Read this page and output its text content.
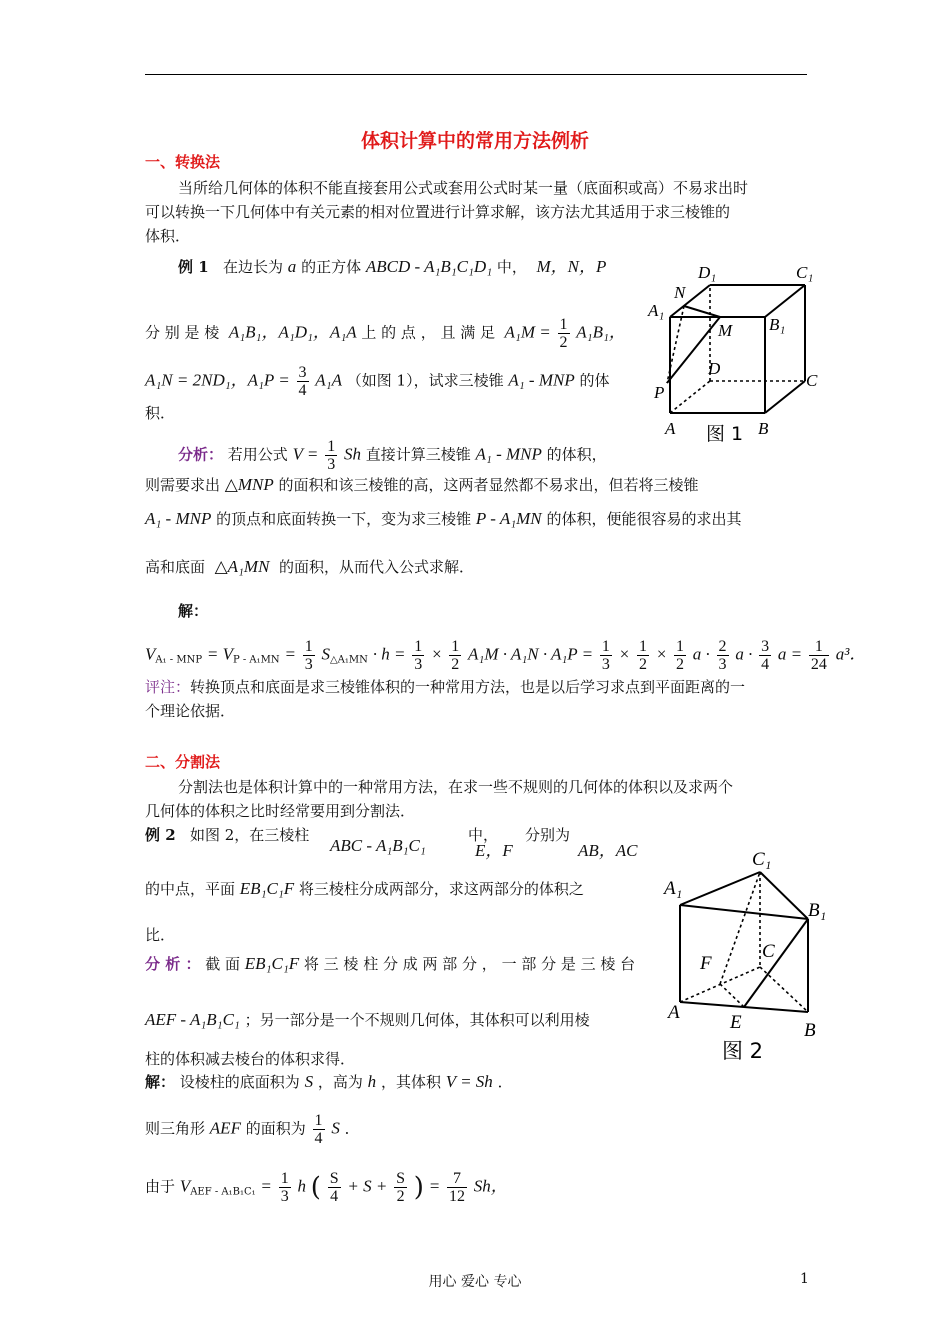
体积计算中的常用方法例析
一、转换法
当所给几何体的体积不能直接套用公式或套用公式时某一量（底面积或高）不易求出时
可以转换一下几何体中有关元素的相对位置进行计算求解，该方法尤其适用于求三棱锥的
体积．
例 1 在边长为 a 的正方体 ABCD - A₁B₁C₁D₁ 中， M，N，P
分 别 是 棱 A₁B₁，A₁D₁，A₁A 上 的 点 ， 且 满 足 $A_1M = \frac{1}{2} A_1B_1$，
A₁N = 2ND₁，$A_1P = \frac{3}{4} A_1A$ （如图 1），试求三棱锥 A₁ - MNP 的体
积．
分析： 若用公式 $V = \frac{1}{3}$ Sh 直接计算三棱锥 A₁ - MNP 的体积，
则需要求出 △MNP 的面积和该三棱锥的高，这两者显然都不易求出，但若将三棱锥
A₁ - MNP 的顶点和底面转换一下，变为求三棱锥 P - A₁MN 的体积，便能很容易的求出其
高和底面 △A₁MN 的面积，从而代入公式求解．
解：
$V_{A_1 - MNP} = V_{P - A_1MN} = \frac{1}{3} S_{\triangle A_1MN} \cdot h = \frac{1}{3} \times \frac{1}{2} A_1M \cdot A_1N \cdot A_1P = \frac{1}{3} \times \frac{1}{2} \times \frac{1}{2}$ $a \cdot \frac{2}{3}$ $a \cdot \frac{3}{4}$ $a = \frac{1}{24} a^3$．
评注：转换顶点和底面是求三棱锥体积的一种常用方法，也是以后学习求点到平面距离的一
个理论依据．
D₁	C₁
A₁
N
B₁
M
D
C
P
A	B
图 1
二、分割法
分割法也是体积计算中的一种常用方法，在求一些不规则的几何体的体积以及求两个
几何体的体积之比时经常要用到分割法．
例 2 如图 2，在三棱柱
ABC - A₁B₁C₁
中，
E，F
分别为
AB，AC
的中点，平面 EB₁C₁F 将三棱柱分成两部分，求这两部分的体积之
比．
分 析 ： 截 面 EB₁C₁F 将 三 棱 柱 分 成 两 部 分 ， 一 部 分 是 三 棱 台
AEF - A₁B₁C₁ ；另一部分是一个不规则几何体，其体积可以利用棱
柱的体积减去棱台的体积求得．
解： 设棱柱的底面积为 S ，高为 h ，其体积 V = Sh ．
则三角形 AEF 的面积为 $\frac{1}{4}$ S ．
由于 $V_{AEF - A_1B_1C_1} = \frac{1}{3}$ h ( $\frac{S}{4} + S + \frac{S}{2}$ ) = $\frac{7}{12}$ Sh，
C₁
A₁
B₁
F
C
A	E	B
图 2
用心 爱心 专心	1
